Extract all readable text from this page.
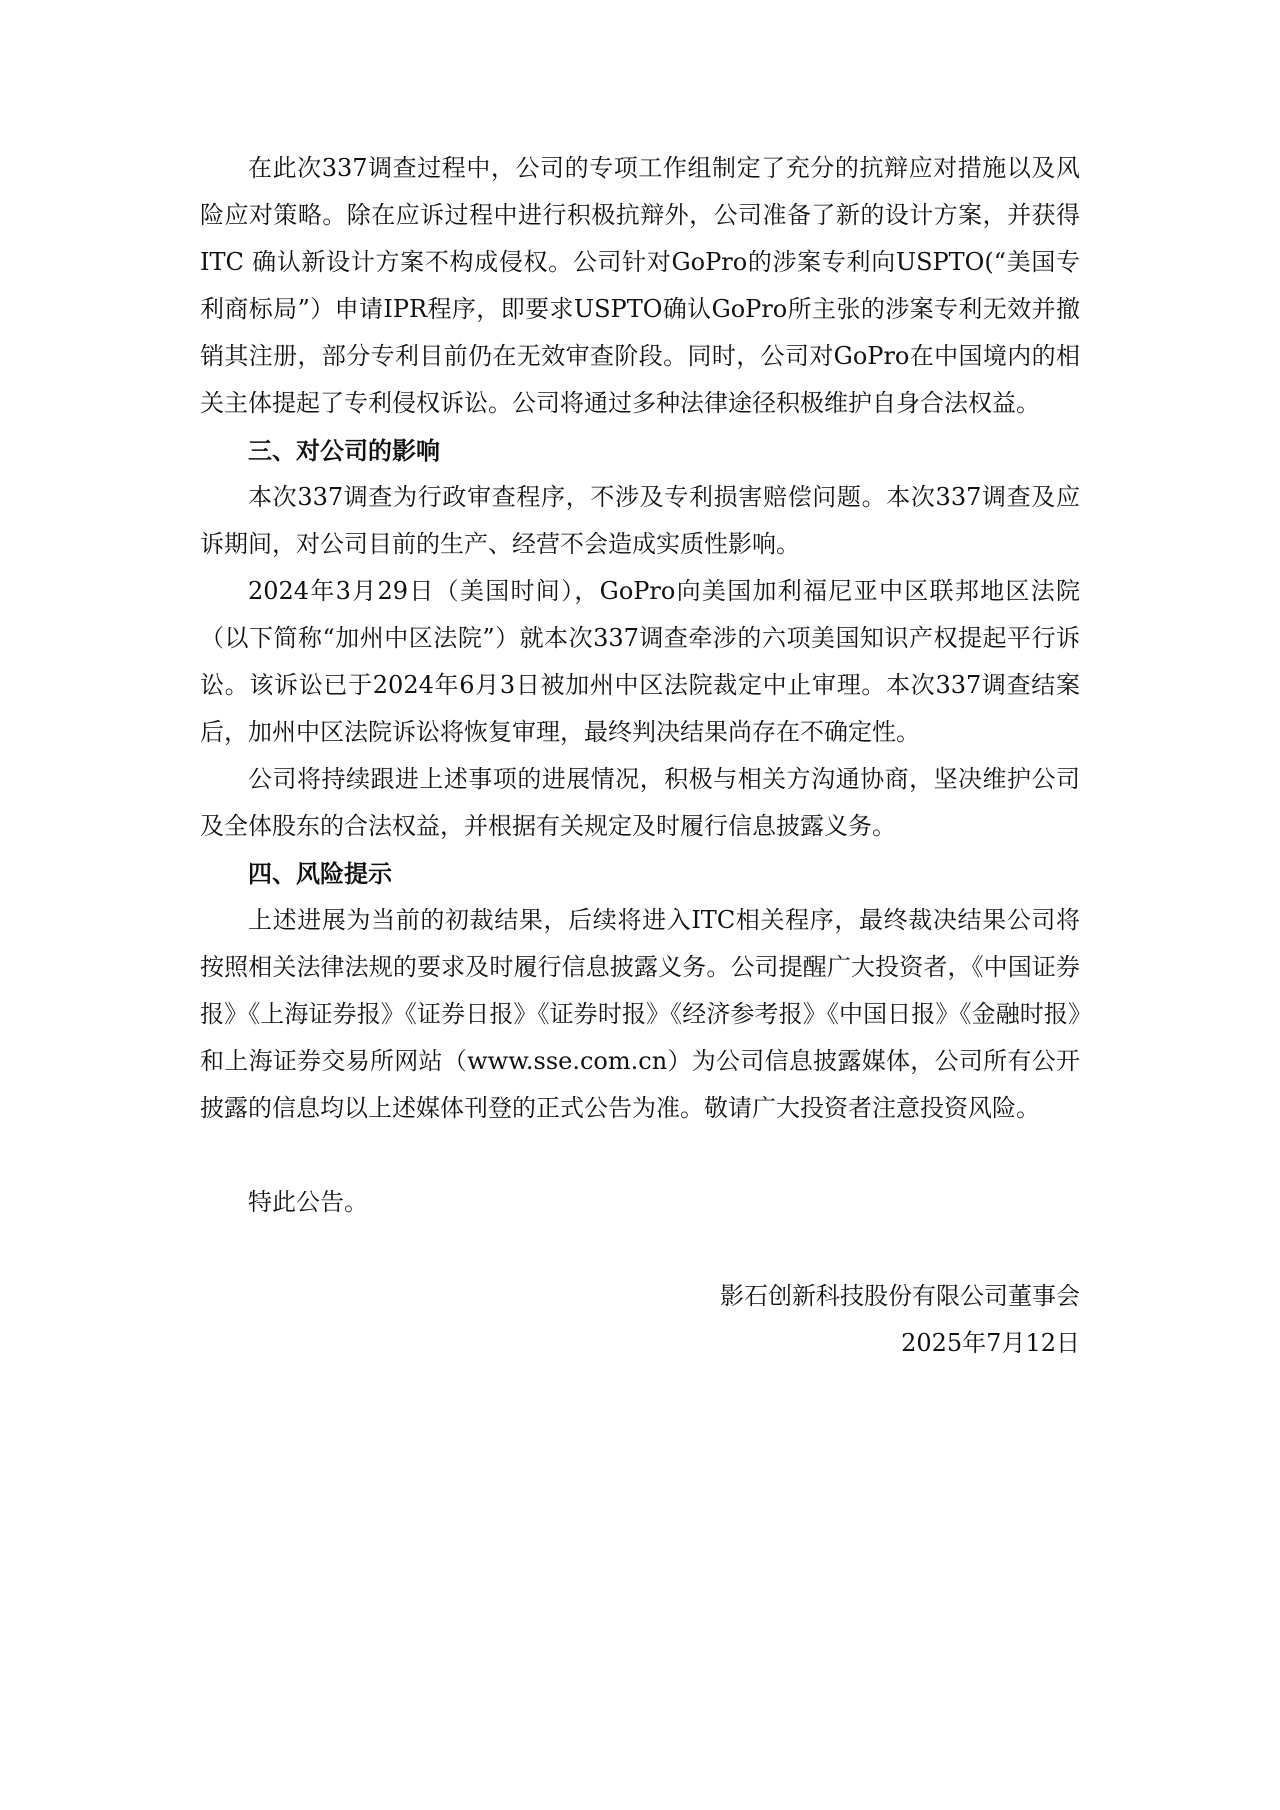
在此次337调查过程中，公司的专项工作组制定了充分的抗辩应对措施以及风险应对策略。除在应诉过程中进行积极抗辩外，公司准备了新的设计方案，并获得 ITC 确认新设计方案不构成侵权。公司针对GoPro的涉案专利向USPTO(“美国专利商标局”）申请IPR程序，即要求USPTO确认GoPro所主张的涉案专利无效并撤销其注册，部分专利目前仍在无效审查阶段。同时，公司对GoPro在中国境内的相关主体提起了专利侵权诉讼。公司将通过多种法律途径积极维护自身合法权益。

三、对公司的影响

本次337调查为行政审查程序，不涉及专利损害赔偿问题。本次337调查及应诉期间，对公司目前的生产、经营不会造成实质性影响。

2024年3月29日（美国时间），GoPro向美国加利福尼亚中区联邦地区法院（以下简称“加州中区法院”）就本次337调查牵涉的六项美国知识产权提起平行诉讼。该诉讼已于2024年6月3日被加州中区法院裁定中止审理。本次337调查结案后，加州中区法院诉讼将恢复审理，最终判决结果尚存在不确定性。

公司将持续跟进上述事项的进展情况，积极与相关方沟通协商，坚决维护公司及全体股东的合法权益，并根据有关规定及时履行信息披露义务。

四、风险提示

上述进展为当前的初裁结果，后续将进入ITC相关程序，最终裁决结果公司将按照相关法律法规的要求及时履行信息披露义务。公司提醒广大投资者，《中国证券报》《上海证券报》《证券日报》《证券时报》《经济参考报》《中国日报》《金融时报》和上海证券交易所网站（www.sse.com.cn）为公司信息披露媒体，公司所有公开披露的信息均以上述媒体刊登的正式公告为准。敬请广大投资者注意投资风险。

特此公告。

影石创新科技股份有限公司董事会

2025年7月12日
